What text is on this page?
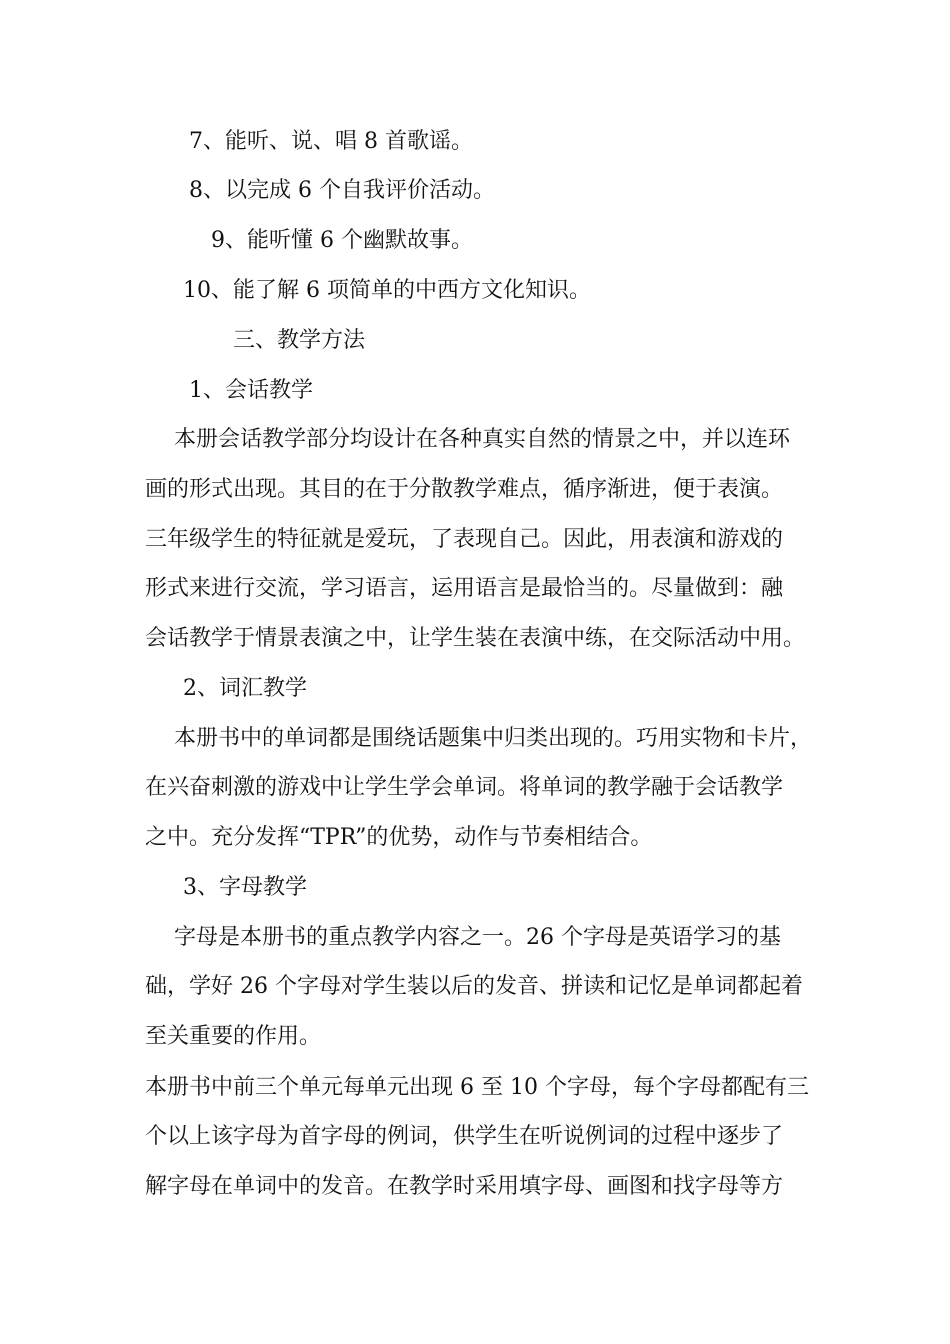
7、能听、说、唱 8 首歌谣。
8、以完成 6 个自我评价活动。
9、能听懂 6 个幽默故事。
10、能了解 6 项简单的中西方文化知识。
三、教学方法
1、会话教学
本册会话教学部分均设计在各种真实自然的情景之中，并以连环
画的形式出现。其目的在于分散教学难点，循序渐进，便于表演。
三年级学生的特征就是爱玩，了表现自己。因此，用表演和游戏的
形式来进行交流，学习语言，运用语言是最恰当的。尽量做到：融
会话教学于情景表演之中，让学生装在表演中练，在交际活动中用。
2、词汇教学
本册书中的单词都是围绕话题集中归类出现的。巧用实物和卡片，
在兴奋刺激的游戏中让学生学会单词。将单词的教学融于会话教学
之中。充分发挥“TPR”的优势，动作与节奏相结合。
3、字母教学
字母是本册书的重点教学内容之一。26 个字母是英语学习的基
础，学好 26 个字母对学生装以后的发音、拼读和记忆是单词都起着
至关重要的作用。
本册书中前三个单元每单元出现 6 至 10 个字母，每个字母都配有三
个以上该字母为首字母的例词，供学生在听说例词的过程中逐步了
解字母在单词中的发音。在教学时采用填字母、画图和找字母等方
